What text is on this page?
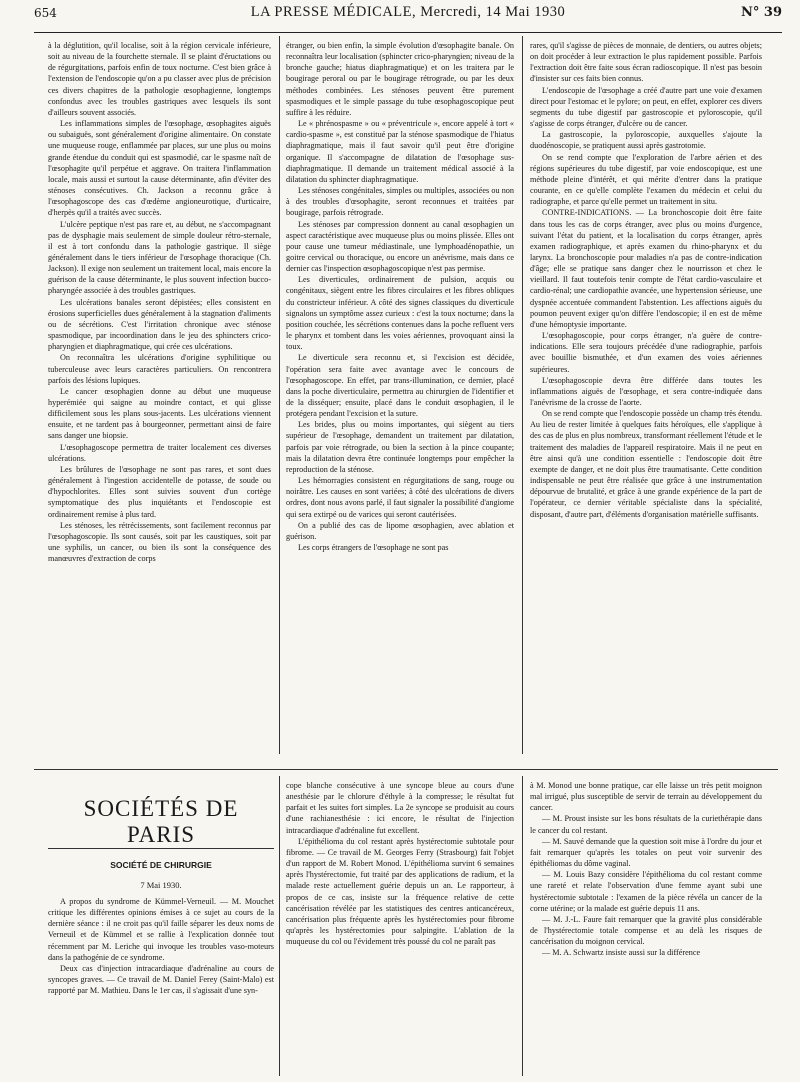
654	LA PRESSE MÉDICALE, Mercredi, 14 Mai 1930	N° 39

à la déglutition, qu'il localise, soit à la région cervicale inférieure, soit au niveau de la fourchette sternale. Il se plaint d'éructations ou de régurgitations, parfois enfin de toux nocturne. C'est bien grâce à l'extension de l'endoscopie qu'on a pu classer avec plus de précision ces divers chapitres de la pathologie œsophagienne, longtemps confondus avec les troubles gastriques avec lesquels ils sont d'ailleurs souvent associés.

Les inflammations simples de l'œsophage, œsophagites aiguës ou subaiguës, sont généralement d'origine alimentaire. On constate une muqueuse rouge, enflammée par places, sur une plus ou moins grande étendue du conduit qui est spasmodié, car le spasme naît de l'œsophagite qu'il perpétue et aggrave. On traitera l'inflammation locale, mais aussi et surtout la cause déterminante, afin d'éviter des sténoses consécutives. Ch. Jackson a reconnu grâce à l'œsophagoscope des cas d'œdème angioneurotique, d'urticaire, d'herpès qu'il a traités avec succès.

L'ulcère peptique n'est pas rare et, au début, ne s'accompagnant pas de dysphagie mais seulement de simple douleur rétro-sternale, il est à tort confondu dans la pathologie gastrique. Il siège généralement dans le tiers inférieur de l'œsophage thoracique (Ch. Jackson). Il exige non seulement un traitement local, mais encore la guérison de la cause déterminante, le plus souvent infection bucco-pharyngée associée à des troubles gastriques.

Les ulcérations banales seront dépistées; elles consistent en érosions superficielles dues généralement à la stagnation d'aliments ou de sécrétions. C'est l'irritation chronique avec sténose spasmodique, par incoordination dans le jeu des sphincters crico-pharyngien et diaphragmatique, qui crée ces ulcérations.

On reconnaîtra les ulcérations d'origine syphilitique ou tuberculeuse avec leurs caractères particuliers. On rencontrera parfois des lésions lupiques.

Le cancer œsophagien donne au début une muqueuse hyperémiée qui saigne au moindre contact, et qui glisse difficilement sous les plans sous-jacents. Les ulcérations viennent ensuite, et ne tardent pas à bourgeonner, permettant ainsi de faire sans danger une biopsie.

L'œsophagoscope permettra de traiter localement ces diverses ulcérations.

Les brûlures de l'œsophage ne sont pas rares, et sont dues généralement à l'ingestion accidentelle de potasse, de soude ou d'hypochlorites. Elles sont suivies souvent d'un cortège symptomatique des plus inquiétants et l'endoscopie est ordinairement remise à plus tard.

Les sténoses, les rétrécissements, sont facilement reconnus par l'œsophagoscopie. Ils sont causés, soit par les caustiques, soit par une syphilis, un cancer, ou bien ils sont la conséquence des manœuvres d'extraction de corps

étranger, ou bien enfin, la simple évolution d'œsophagite banale. On reconnaîtra leur localisation (sphincter crico-pharyngien; niveau de la bronche gauche; hiatus diaphragmatique) et on les traitera par le bougirage peroral ou par le bougirage rétrograde, ou par les deux méthodes combinées. Les sténoses peuvent être purement spasmodiques et le simple passage du tube œsophagoscopique peut suffire à les réduire.

Le « phrénospasme » ou « préventricule », encore appelé à tort « cardio-spasme », est constitué par la sténose spasmodique de l'hiatus diaphragmatique, mais il faut savoir qu'il peut être d'origine organique. Il s'accompagne de dilatation de l'œsophage sus-diaphragmatique. Il demande un traitement médical associé à la dilatation du sphincter diaphragmatique.

Les sténoses congénitales, simples ou multiples, associées ou non à des troubles d'œsophagite, seront reconnues et traitées par bougirage, parfois rétrograde.

Les sténoses par compression donnent au canal œsophagien un aspect caractéristique avec muqueuse plus ou moins plissée. Elles ont pour cause une tumeur médiastinale, une lymphoadénopathie, un goitre cervical ou thoracique, ou encore un anévrisme, mais dans ce dernier cas l'inspection œsophagoscopique n'est pas permise.

Les diverticules, ordinairement de pulsion, acquis ou congénitaux, siègent entre les fibres circulaires et les fibres obliques du constricteur inférieur. A côté des signes classiques du diverticule signalons un symptôme assez curieux : c'est la toux nocturne; dans la position couchée, les sécrétions contenues dans la poche refluent vers le pharynx et tombent dans les voies aériennes, provoquant ainsi la toux.

Le diverticule sera reconnu et, si l'excision est décidée, l'opération sera faite avec avantage avec le concours de l'œsophagoscope. En effet, par trans-illumination, ce dernier, placé dans la poche diverticulaire, permettra au chirurgien de l'identifier et de la disséquer; ensuite, placé dans le conduit œsophagien, il le protégera pendant l'excision et la suture.

Les brides, plus ou moins importantes, qui siègent au tiers supérieur de l'œsophage, demandent un traitement par dilatation, parfois par voie rétrograde, ou bien la section à la pince coupante; mais la dilatation devra être continuée longtemps pour empêcher la reproduction de la sténose.

Les hémorragies consistent en régurgitations de sang, rouge ou noirâtre. Les causes en sont variées; à côté des ulcérations de divers ordres, dont nous avons parlé, il faut signaler la possibilité d'angiome qui sera extirpé ou de varices qui seront cautérisées.

On a publié des cas de lipome œsophagien, avec ablation et guérison.

Les corps étrangers de l'œsophage ne sont pas

rares, qu'il s'agisse de pièces de monnaie, de dentiers, ou autres objets; on doit procéder à leur extraction le plus rapidement possible. Parfois l'extraction doit être faite sous écran radioscopique. Il n'est pas besoin d'insister sur ces faits bien connus.

L'endoscopie de l'œsophage a créé d'autre part une voie d'examen direct pour l'estomac et le pylore; on peut, en effet, explorer ces divers segments du tube digestif par gastroscopie et pyloroscopie, qu'il s'agisse de corps étranger, d'ulcère ou de cancer.

La gastroscopie, la pyloroscopie, auxquelles s'ajoute la duodénoscopie, se pratiquent aussi après gastrotomie.

On se rend compte que l'exploration de l'arbre aérien et des régions supérieures du tube digestif, par voie endoscopique, est une méthode pleine d'intérêt, et qui mérite d'entrer dans la pratique courante, en ce qu'elle complète l'examen du médecin et celui du radiographe, et parce qu'elle permet un traitement in situ.

CONTRE-INDICATIONS. — La bronchoscopie doit être faite dans tous les cas de corps étranger, avec plus ou moins d'urgence, suivant l'état du patient, et la localisation du corps étranger, après examen radiographique, et après examen du rhino-pharynx et du larynx. La bronchoscopie pour maladies n'a pas de contre-indication d'âge; elle se pratique sans danger chez le nourrisson et chez le vieillard. Il faut toutefois tenir compte de l'état cardio-vasculaire et cardio-rénal; une cardiopathie avancée, une hypertension sérieuse, une dyspnée accentuée commandent l'abstention. Les affections aiguës du poumon peuvent exiger qu'on diffère l'endoscopie; il en est de même d'une hémoptysie importante.

L'œsophagoscopie, pour corps étranger, n'a guère de contre-indications. Elle sera toujours précédée d'une radiographie, parfois avec bouillie bismuthée, et d'un examen des voies aériennes supérieures.

L'œsophagoscopie devra être différée dans toutes les inflammations aiguës de l'œsophage, et sera contre-indiquée dans l'anévrisme de la crosse de l'aorte.

On se rend compte que l'endoscopie possède un champ très étendu. Au lieu de rester limitée à quelques faits héroïques, elle s'applique à des cas de plus en plus nombreux, transformant réellement l'étude et le traitement des maladies de l'appareil respiratoire. Mais il ne peut en être ainsi qu'à une condition essentielle : l'endoscopie doit être exempte de danger, et ne doit plus être traumatisante. Cette condition indispensable ne peut être réalisée que grâce à une instrumentation dépourvue de brutalité, et grâce à une grande expérience de la part de l'opérateur, ce dernier véritable spécialiste dans la spécialité, disposant, d'autre part, d'éléments d'organisation matérielle suffisants.

SOCIÉTÉS DE PARIS
SOCIÉTÉ DE CHIRURGIE
7 Mai 1930.

A propos du syndrome de Kümmel-Verneuil. — M. Mouchet critique les différentes opinions émises à ce sujet au cours de la dernière séance : il ne croit pas qu'il faille séparer les deux noms de Verneuil et de Kümmel et se rallie à l'explication donnée tout récemment par M. Leriche qui invoque les troubles vaso-moteurs dans la pathogénie de ce syndrome.

Deux cas d'injection intracardiaque d'adrénaline au cours de syncopes graves. — Ce travail de M. Daniel Ferey (Saint-Malo) est rapporté par M. Mathieu. Dans le 1er cas, il s'agissait d'une syn-

cope blanche consécutive à une syncope bleue au cours d'une anesthésie par le chlorure d'éthyle à la compresse; le résultat fut parfait et les suites fort simples. La 2e syncope se produisit au cours d'une rachianesthésie : ici encore, le résultat de l'injection intracardiaque d'adrénaline fut excellent.

L'épithélioma du col restant après hystérectomie subtotale pour fibrome. — Ce travail de M. Georges Ferry (Strasbourg) fait l'objet d'un rapport de M. Robert Monod. L'épithélioma survint 6 semaines après l'hystérectomie, fut traité par des applications de radium, et la malade reste actuellement guérie depuis un an. Le rapporteur, à propos de ce cas, insiste sur la fréquence relative de cette cancérisation révélée par les statistiques des centres anticancéreux, cancérisation plus fréquente après les hystérectomies pour fibrome qu'après les hystérectomies pour salpingite. L'ablation de la muqueuse du col ou l'évidement très poussé du col ne paraît pas

à M. Monod une bonne pratique, car elle laisse un très petit moignon mal irrigué, plus susceptible de servir de terrain au développement du cancer.

— M. Proust insiste sur les bons résultats de la curiethérapie dans le cancer du col restant.

— M. Sauvé demande que la question soit mise à l'ordre du jour et fait remarquer qu'après les totales on peut voir survenir des épithéliomas du dôme vaginal.

— M. Louis Bazy considère l'épithélioma du col restant comme une rareté et relate l'observation d'une femme ayant subi une hystérectomie subtotale : l'examen de la pièce révéla un cancer de la corne utérine; or la malade est guérie depuis 11 ans.

— M. J.-L. Faure fait remarquer que la gravité plus considérable de l'hystérectomie totale compense et au delà les risques de cancérisation du moignon cervical.

— M. A. Schwartz insiste aussi sur la différence
